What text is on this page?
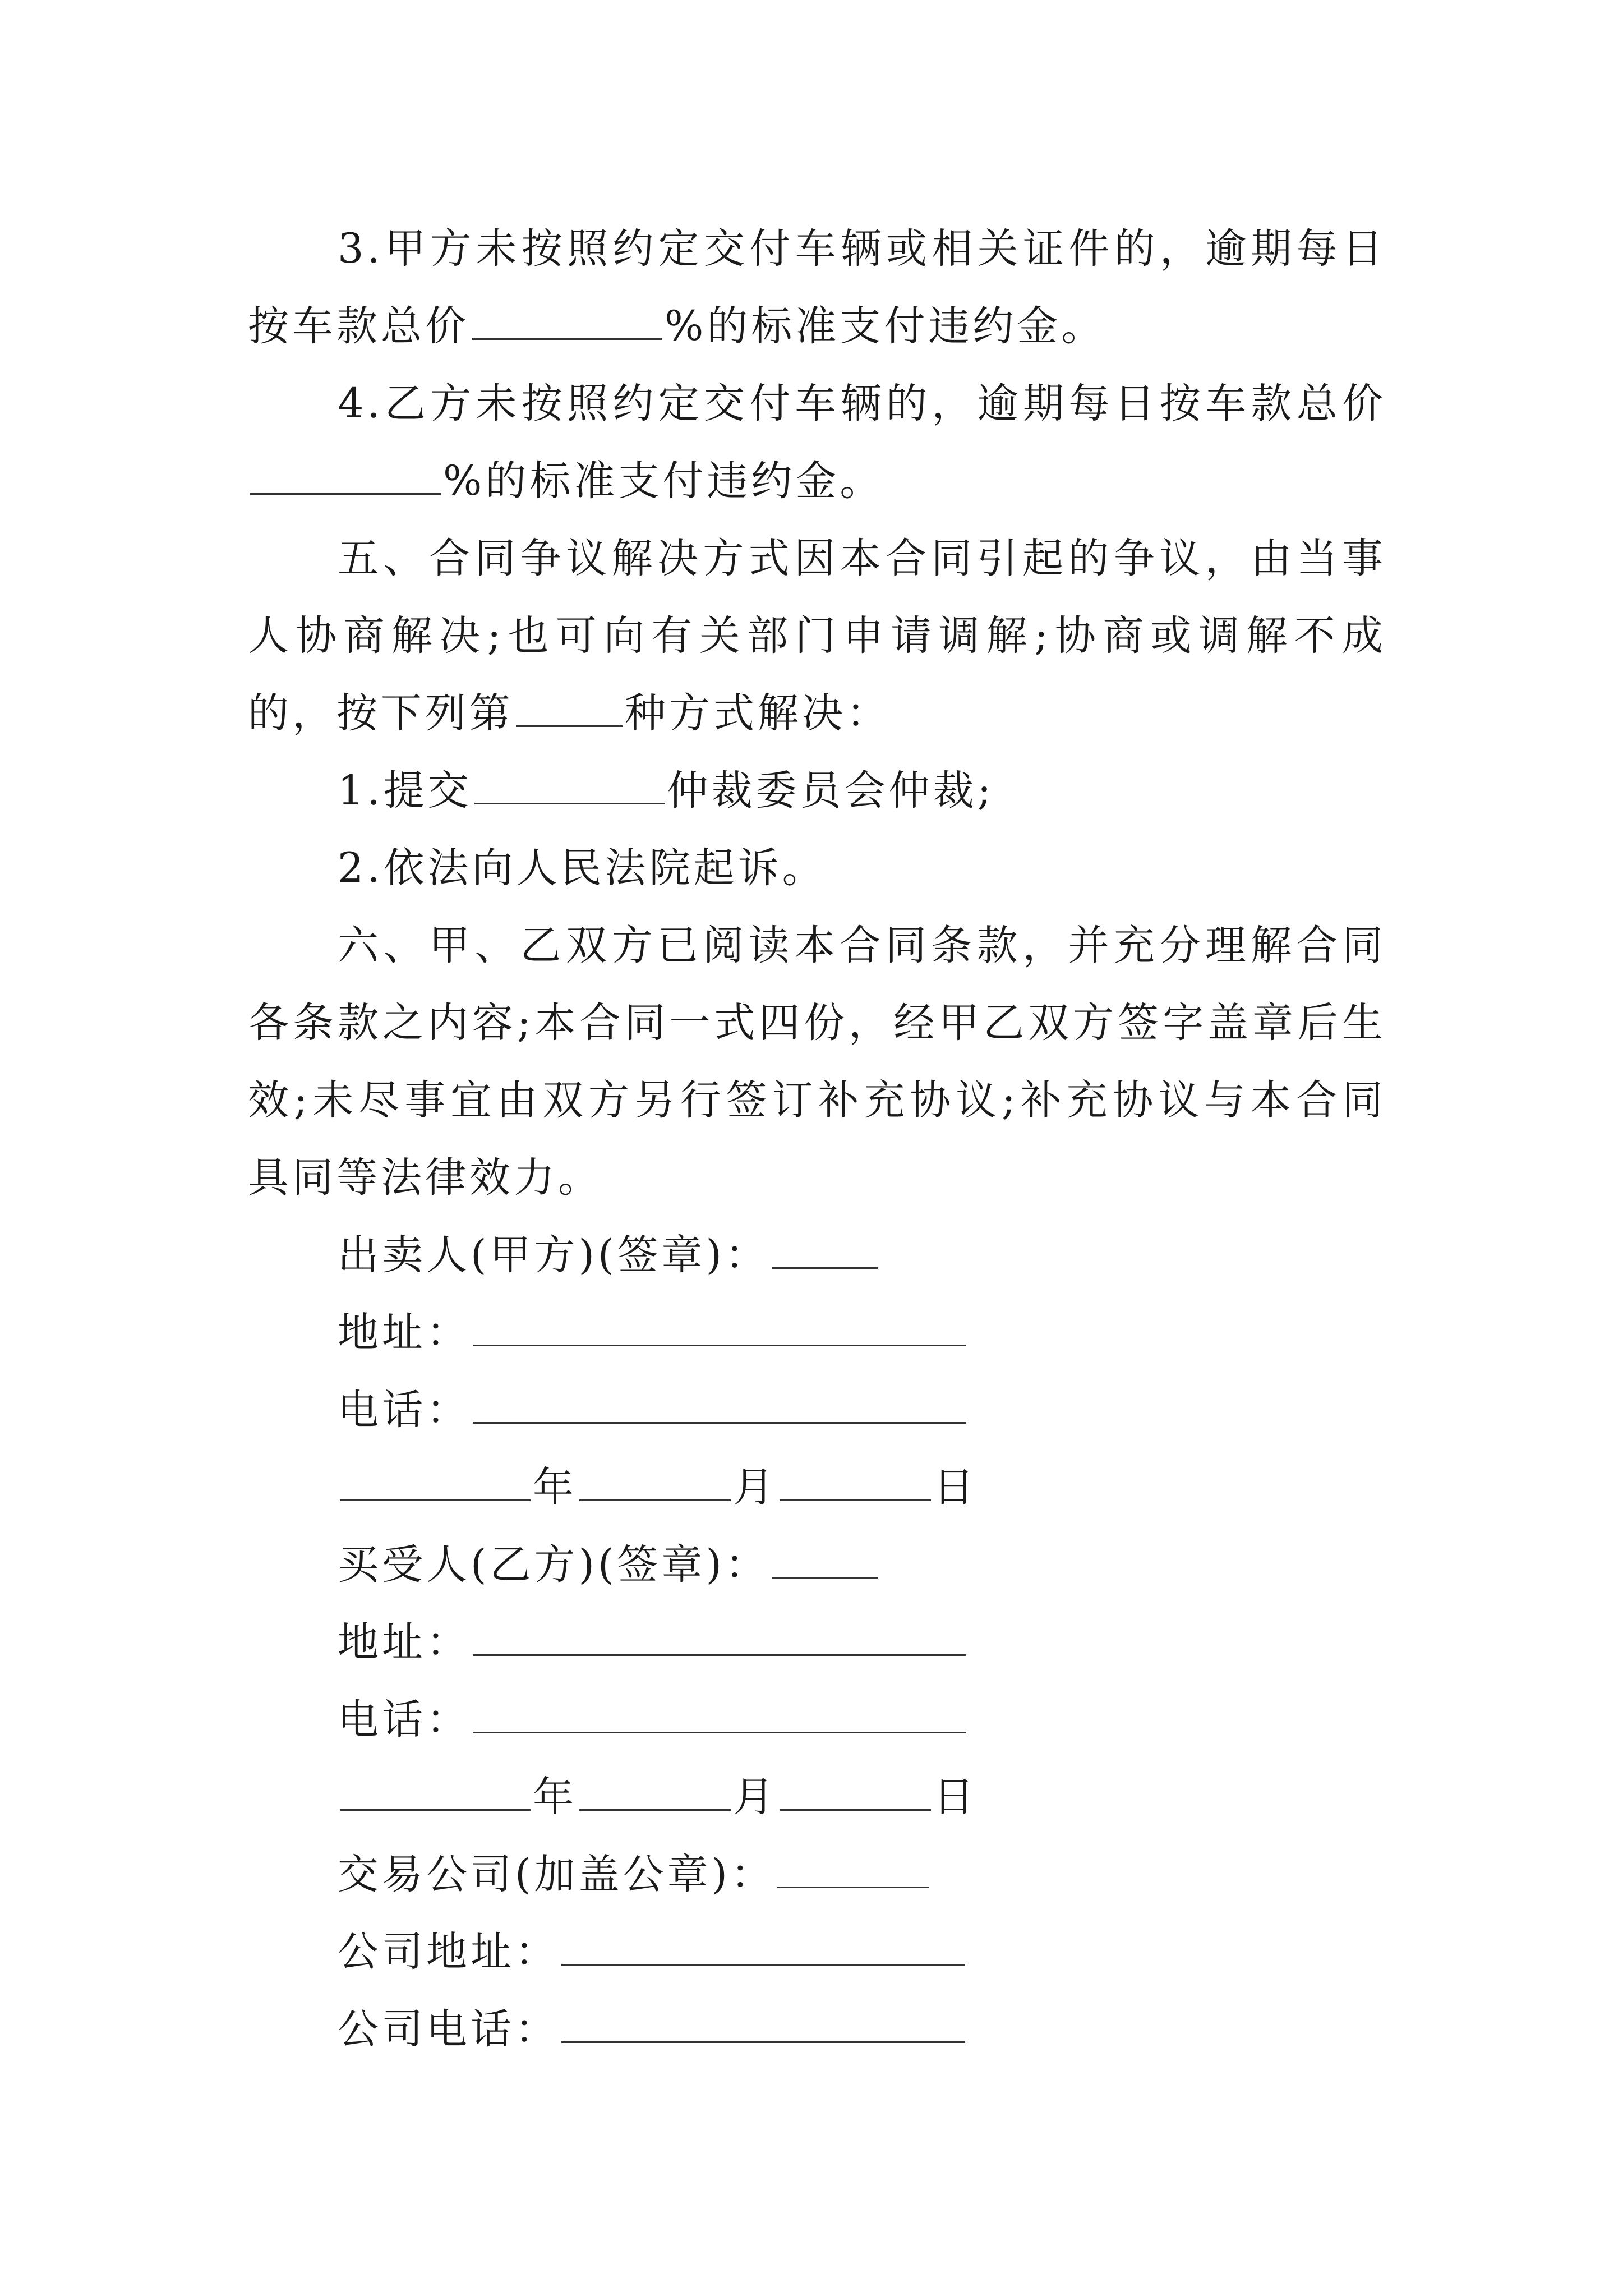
3.甲方未按照约定交付车辆或相关证件的，逾期每日按车款总价	%的标准支付违约金。

4.乙方未按照约定交付车辆的，逾期每日按车款总价%的标准支付违约金。

五、合同争议解决方式因本合同引起的争议，由当事人协商解决;也可向有关部门申请调解;协商或调解不成的，按下列第	种方式解决：

1.提交	仲裁委员会仲裁;

2.依法向人民法院起诉。

六、甲、乙双方已阅读本合同条款，并充分理解合同各条款之内容;本合同一式四份，经甲乙双方签字盖章后生效;未尽事宜由双方另行签订补充协议;补充协议与本合同具同等法律效力。

出卖人(甲方)(签章)：

地址：

电话：

年	月	日

买受人(乙方)(签章)：

地址：

电话：

年	月	日

交易公司(加盖公章)：

公司地址：

公司电话：
